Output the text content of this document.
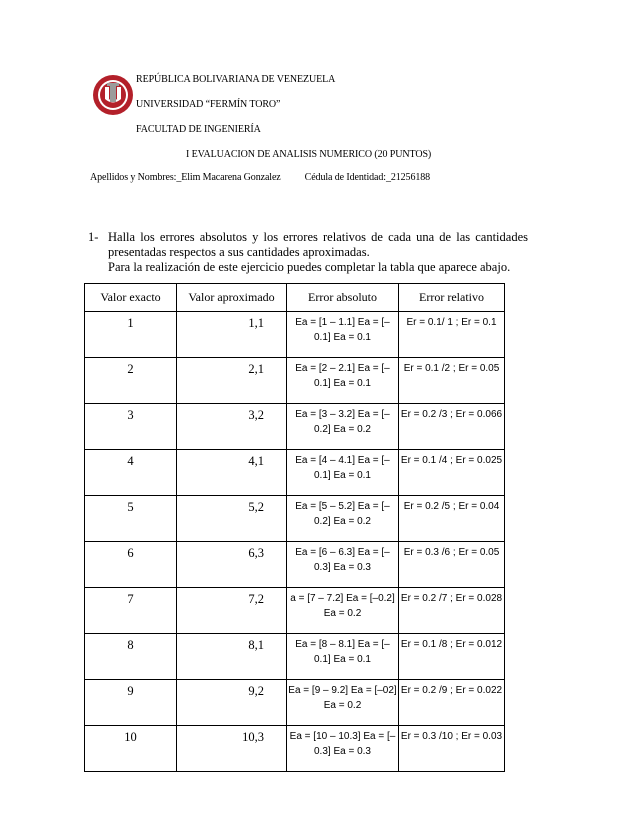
REPÚBLICA BOLIVARIANA DE VENEZUELA
UNIVERSIDAD “FERMÍN TORO”
FACULTAD DE INGENIERÍA
I EVALUACION DE ANALISIS NUMERICO (20 PUNTOS)
Apellidos y Nombres:_Elim Macarena Gonzalez Cédula de Identidad:_21256188
1- Halla los errores absolutos y los errores relativos de cada una de las cantidades

presentadas respectos a sus cantidades aproximadas.

Para la realización de este ejercicio puedes completar la tabla que aparece abajo.

Valor exacto	Valor aproximado	Error absoluto	Error relativo
1	1,1	Ea = [1 – 1.1] Ea = [–0.1] Ea = 0.1	Er = 0.1/ 1 ; Er = 0.1
2	2,1	Ea = [2 – 2.1] Ea = [–0.1] Ea = 0.1	Er = 0.1 /2 ; Er = 0.05
3	3,2	Ea = [3 – 3.2] Ea = [–0.2] Ea = 0.2	Er = 0.2 /3 ; Er = 0.066
4	4,1	Ea = [4 – 4.1] Ea = [–0.1] Ea = 0.1	Er = 0.1 /4 ; Er = 0.025
5	5,2	Ea = [5 – 5.2] Ea = [–0.2] Ea = 0.2	Er = 0.2 /5 ; Er = 0.04
6	6,3	Ea = [6 – 6.3] Ea = [–0.3] Ea = 0.3	Er = 0.3 /6 ; Er = 0.05
7	7,2	a = [7 – 7.2] Ea = [–0.2] Ea = 0.2	Er = 0.2 /7 ; Er = 0.028
8	8,1	Ea = [8 – 8.1] Ea = [–0.1] Ea = 0.1	Er = 0.1 /8 ; Er = 0.012
9	9,2	Ea = [9 – 9.2] Ea = [–02] Ea = 0.2	Er = 0.2 /9 ; Er = 0.022
10	10,3	Ea = [10 – 10.3] Ea = [–0.3] Ea = 0.3	Er = 0.3 /10 ; Er = 0.03
